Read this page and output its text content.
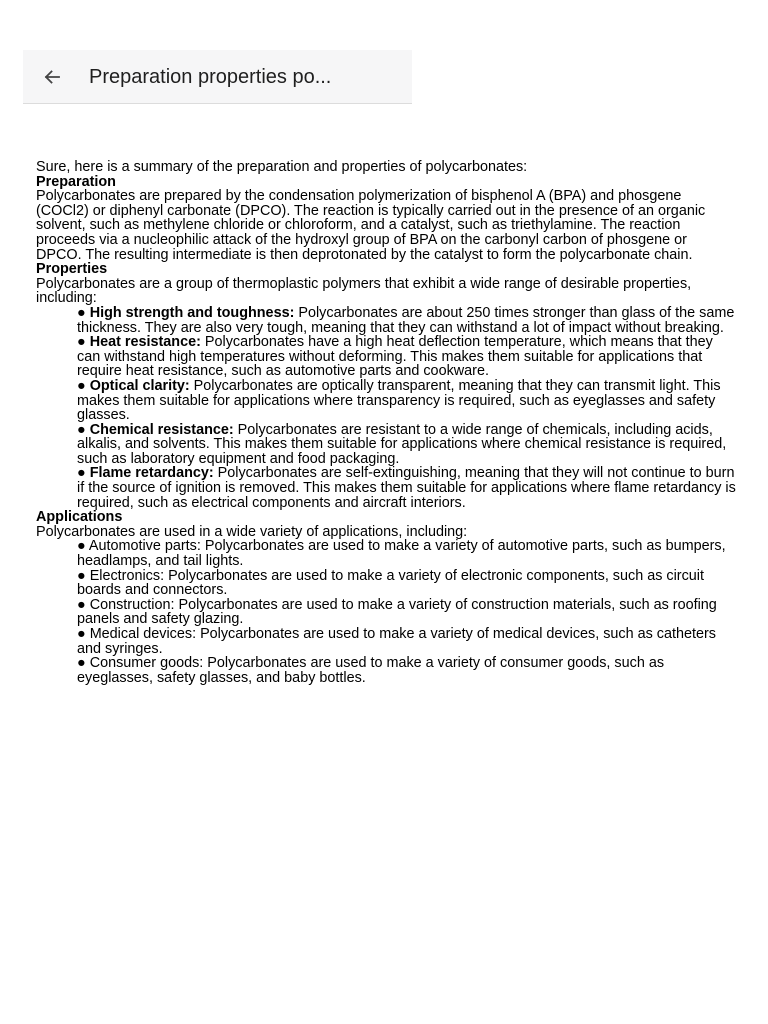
Preparation properties po...

Sure, here is a summary of the preparation and properties of polycarbonates:

Preparation

Polycarbonates are prepared by the condensation polymerization of bisphenol A (BPA) and phosgene (COCl2) or diphenyl carbonate (DPCO). The reaction is typically carried out in the presence of an organic solvent, such as methylene chloride or chloroform, and a catalyst, such as triethylamine. The reaction proceeds via a nucleophilic attack of the hydroxyl group of BPA on the carbonyl carbon of phosgene or DPCO. The resulting intermediate is then deprotonated by the catalyst to form the polycarbonate chain.

Properties

Polycarbonates are a group of thermoplastic polymers that exhibit a wide range of desirable properties, including:

● High strength and toughness: Polycarbonates are about 250 times stronger than glass of the same thickness. They are also very tough, meaning that they can withstand a lot of impact without breaking.
● Heat resistance: Polycarbonates have a high heat deflection temperature, which means that they can withstand high temperatures without deforming. This makes them suitable for applications that require heat resistance, such as automotive parts and cookware.
● Optical clarity: Polycarbonates are optically transparent, meaning that they can transmit light. This makes them suitable for applications where transparency is required, such as eyeglasses and safety glasses.
● Chemical resistance: Polycarbonates are resistant to a wide range of chemicals, including acids, alkalis, and solvents. This makes them suitable for applications where chemical resistance is required, such as laboratory equipment and food packaging.
● Flame retardancy: Polycarbonates are self-extinguishing, meaning that they will not continue to burn if the source of ignition is removed. This makes them suitable for applications where flame retardancy is required, such as electrical components and aircraft interiors.

Applications

Polycarbonates are used in a wide variety of applications, including:

● Automotive parts: Polycarbonates are used to make a variety of automotive parts, such as bumpers, headlamps, and tail lights.
● Electronics: Polycarbonates are used to make a variety of electronic components, such as circuit boards and connectors.
● Construction: Polycarbonates are used to make a variety of construction materials, such as roofing panels and safety glazing.
● Medical devices: Polycarbonates are used to make a variety of medical devices, such as catheters and syringes.
● Consumer goods: Polycarbonates are used to make a variety of consumer goods, such as eyeglasses, safety glasses, and baby bottles.
